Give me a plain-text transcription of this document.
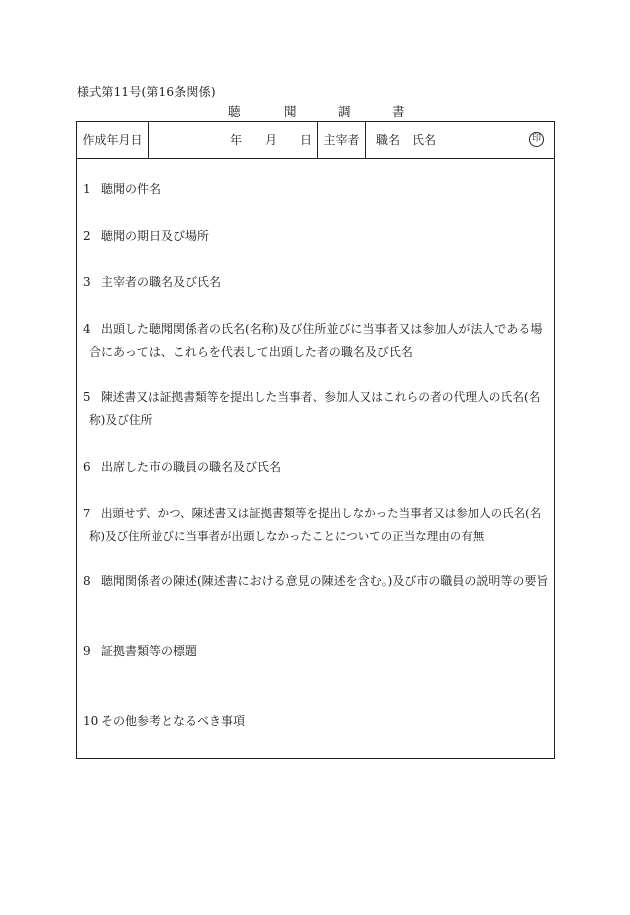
様式第11号(第16条関係)
聴	聞	調	書
作成年月日	年 月 日 主宰者	職名　氏名	印
1 聴聞の件名
2 聴聞の期日及び場所
3 主宰者の職名及び氏名
4 出頭した聴聞関係者の氏名(名称)及び住所並びに当事者又は参加人が法人である場
合にあっては、これらを代表して出頭した者の職名及び氏名
5 陳述書又は証拠書類等を提出した当事者、参加人又はこれらの者の代理人の氏名(名
称)及び住所
6 出席した市の職員の職名及び氏名
7 出頭せず、かつ、陳述書又は証拠書類等を提出しなかった当事者又は参加人の氏名(名
称)及び住所並びに当事者が出頭しなかったことについての正当な理由の有無
8 聴聞関係者の陳述(陳述書における意見の陳述を含む。)及び市の職員の説明等の要旨
9 証拠書類等の標題
10 その他参考となるべき事項
